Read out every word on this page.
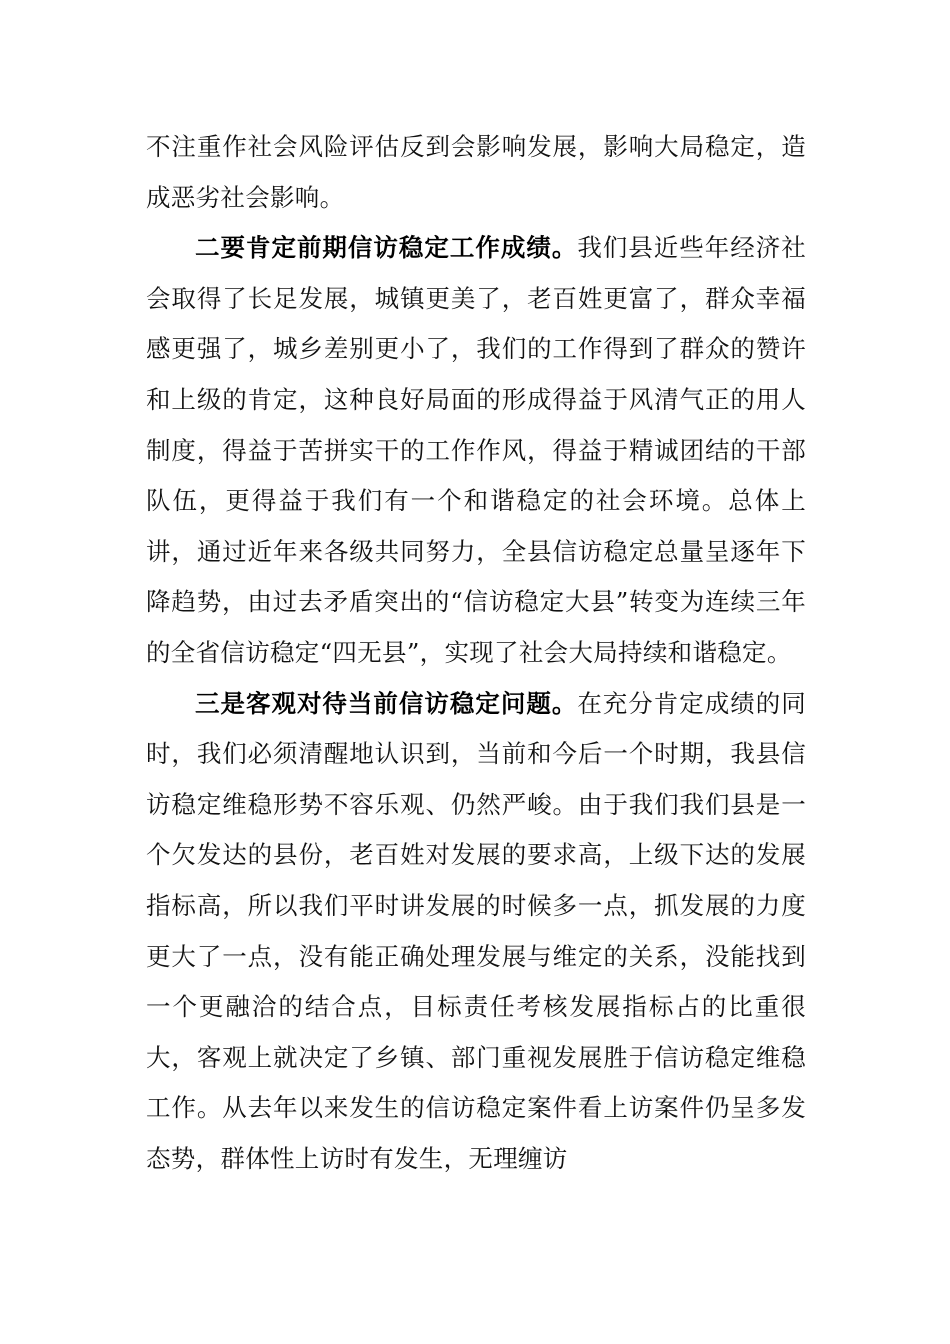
不注重作社会风险评估反到会影响发展，影响大局稳定，造成恶劣社会影响。

二要肯定前期信访稳定工作成绩。我们县近些年经济社会取得了长足发展，城镇更美了，老百姓更富了，群众幸福感更强了，城乡差别更小了，我们的工作得到了群众的赞许和上级的肯定，这种良好局面的形成得益于风清气正的用人制度，得益于苦拼实干的工作作风，得益于精诚团结的干部队伍，更得益于我们有一个和谐稳定的社会环境。总体上讲，通过近年来各级共同努力，全县信访稳定总量呈逐年下降趋势，由过去矛盾突出的“信访稳定大县”转变为连续三年的全省信访稳定“四无县”，实现了社会大局持续和谐稳定。

三是客观对待当前信访稳定问题。在充分肯定成绩的同时，我们必须清醒地认识到，当前和今后一个时期，我县信访稳定维稳形势不容乐观、仍然严峻。由于我们我们县是一个欠发达的县份，老百姓对发展的要求高，上级下达的发展指标高，所以我们平时讲发展的时候多一点，抓发展的力度更大了一点，没有能正确处理发展与维定的关系，没能找到一个更融洽的结合点，目标责任考核发展指标占的比重很大，客观上就决定了乡镇、部门重视发展胜于信访稳定维稳工作。从去年以来发生的信访稳定案件看上访案件仍呈多发态势，群体性上访时有发生，无理缠访
